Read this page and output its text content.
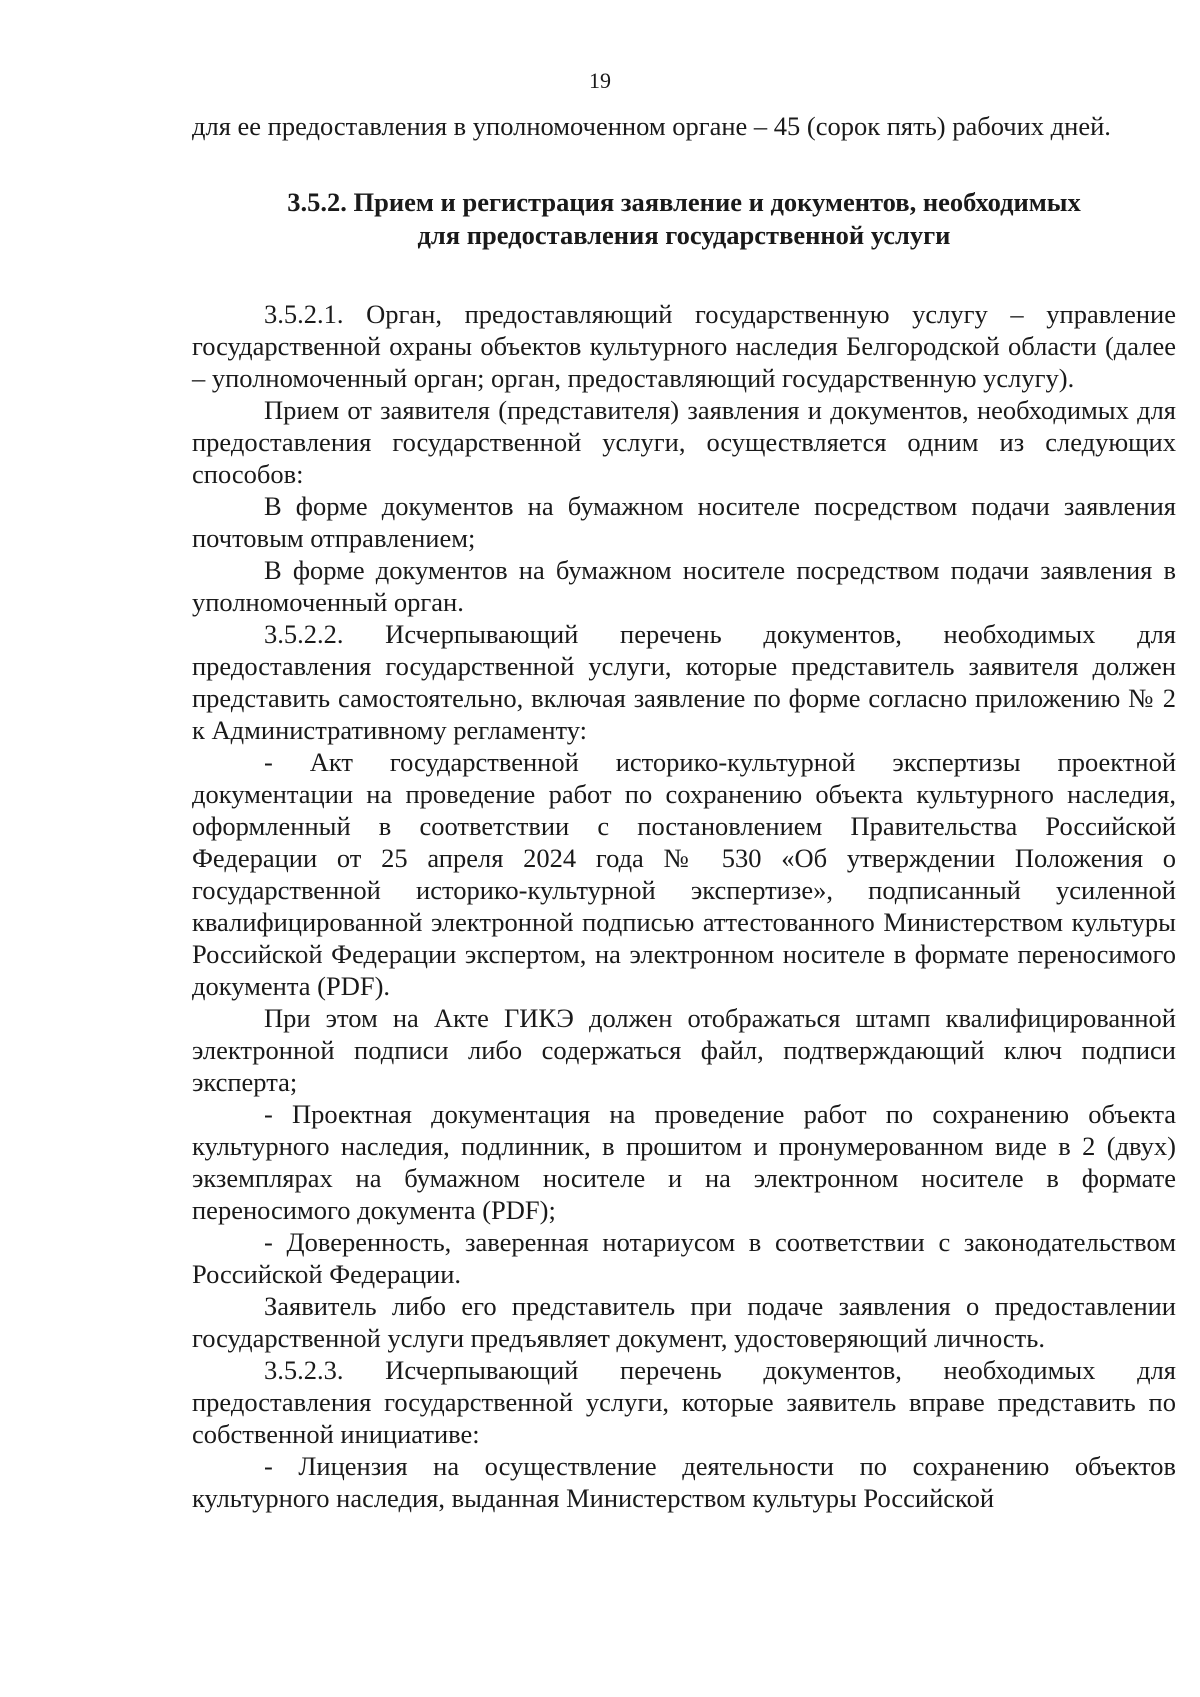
19

для ее предоставления в уполномоченном органе – 45 (сорок пять) рабочих дней.

3.5.2. Прием и регистрация заявление и документов, необходимых
для предоставления государственной услуги

3.5.2.1. Орган, предоставляющий государственную услугу – управление государственной охраны объектов культурного наследия Белгородской области (далее – уполномоченный орган; орган, предоставляющий государственную услугу).

Прием от заявителя (представителя) заявления и документов, необходимых для предоставления государственной услуги, осуществляется одним из следующих способов:

В форме документов на бумажном носителе посредством подачи заявления почтовым отправлением;

В форме документов на бумажном носителе посредством подачи заявления в уполномоченный орган.

3.5.2.2. Исчерпывающий перечень документов, необходимых для предоставления государственной услуги, которые представитель заявителя должен представить самостоятельно, включая заявление по форме согласно приложению № 2 к Административному регламенту:

- Акт государственной историко-культурной экспертизы проектной документации на проведение работ по сохранению объекта культурного наследия, оформленный в соответствии с постановлением Правительства Российской Федерации от 25 апреля 2024 года № 530 «Об утверждении Положения о государственной историко-культурной экспертизе», подписанный усиленной квалифицированной электронной подписью аттестованного Министерством культуры Российской Федерации экспертом, на электронном носителе в формате переносимого документа (PDF).

При этом на Акте ГИКЭ должен отображаться штамп квалифицированной электронной подписи либо содержаться файл, подтверждающий ключ подписи эксперта;

- Проектная документация на проведение работ по сохранению объекта культурного наследия, подлинник, в прошитом и пронумерованном виде в 2 (двух) экземплярах на бумажном носителе и на электронном носителе в формате переносимого документа (PDF);

- Доверенность, заверенная нотариусом в соответствии с законодательством Российской Федерации.

Заявитель либо его представитель при подаче заявления о предоставлении государственной услуги предъявляет документ, удостоверяющий личность.

3.5.2.3. Исчерпывающий перечень документов, необходимых для предоставления государственной услуги, которые заявитель вправе представить по собственной инициативе:

- Лицензия на осуществление деятельности по сохранению объектов культурного наследия, выданная Министерством культуры Российской
